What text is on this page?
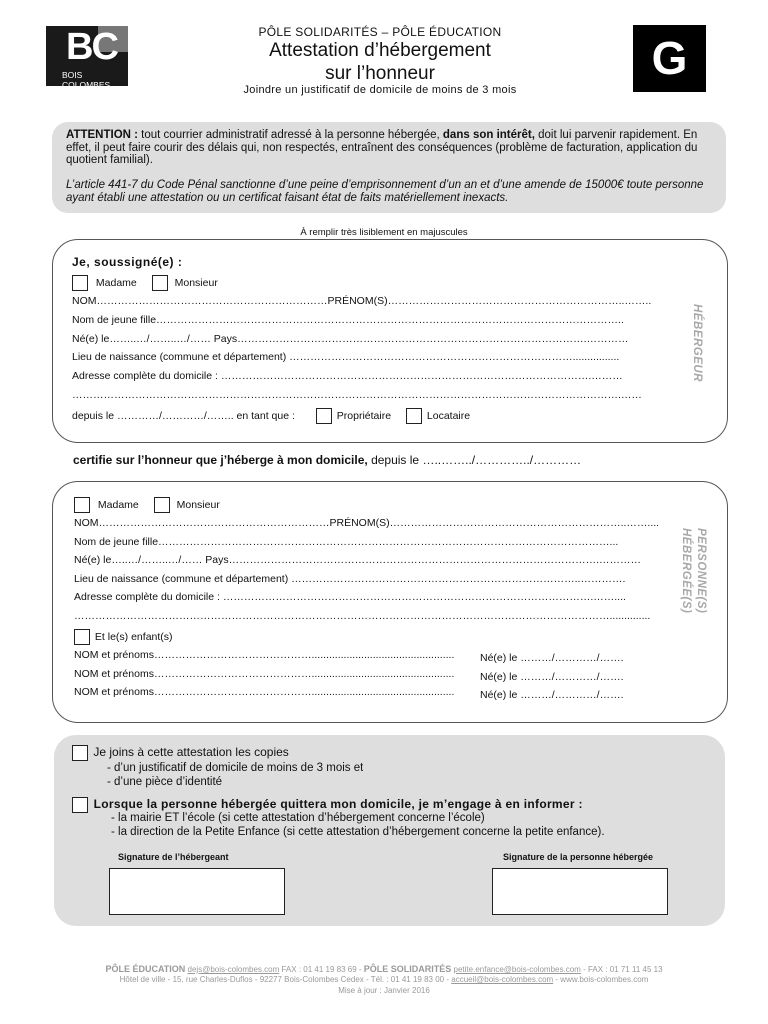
BC
BOIS COLOMBES
G
PÔLE SOLIDARITÉS – PÔLE ÉDUCATION
Attestation d’hébergement
sur l’honneur
Joindre un justificatif de domicile de moins de 3 mois

ATTENTION : tout courrier administratif adressé à la personne hébergée, dans son intérêt, doit lui parvenir rapidement. En effet, il peut faire courir des délais qui, non respectés, entraînent des conséquences (problème de facturation, application du quotient familial).

L’article 441-7 du Code Pénal sanctionne d’une peine d’emprisonnement d’un an et d’une amende de 15000€ toute personne ayant établi une attestation ou un certificat faisant état de faits matériellement inexacts.

À remplir très lisiblement en majuscules
Je, soussigné(e) :
Madame	Monsieur
NOM…………………………………………………………PRÉNOM(S)…………………………………………………………..……..
Nom de jeune fille……………………………………………………………………………………………………………………..
Né(e) le……..…/……..…/…… Pays……………………………………………………………………………………….…………
Lieu de naissance (commune et département) ………………………………………………………………………................
Adresse complète du domicile : …………………………………………………………………………………………….………
………………………………………………………………………………………………………………………………………….……
depuis le …………/…………/…….. en tant que :	Propriétaire	Locataire
HÉBERGEUR
certifie sur l’honneur que j’héberge à mon domicile, depuis le …..……../…………../…………
Madame	Monsieur
NOM…………………………………………………………PRÉNOM(S)…………………………………………………………..……....
Nom de jeune fille…………………………………………………………………………………………………………………...
Né(e) le…..…/……..…/…… Pays…………………………………………………………………………………………….…………
Lieu de naissance (commune et département) ………………………………………………………………………..………….
Adresse complète du domicile : …………………………………………………………………………………………….……....
………………………………………………………………………………………………………………………………………..............
Et le(s) enfant(s)
NOM et prénoms………………………………………................................................. Né(e) le ………/…………/…….
NOM et prénoms………………………………………................................................. Né(e) le ………/…………/…….
NOM et prénoms………………………………………................................................. Né(e) le ………/…………/…….
PERSONNE(S)
HÉBERGÉE(S)
Je joins à cette attestation les copies
- d’un justificatif de domicile de moins de 3 mois et
- d’une pièce d’identité
Lorsque la personne hébergée quittera mon domicile, je m’engage à en informer :
- la mairie ET l’école (si cette attestation d’hébergement concerne l’école)
- la direction de la Petite Enfance (si cette attestation d’hébergement concerne la petite enfance).
Signature de l’hébergeant	Signature de la personne hébergée
PÔLE ÉDUCATION dejs@bois-colombes.com FAX : 01 41 19 83 69 - PÔLE SOLIDARITÉS petite.enfance@bois-colombes.com - FAX : 01 71 11 45 13
Hôtel de ville - 15, rue Charles-Duflos - 92277 Bois-Colombes Cedex - Tél. : 01 41 19 83 00 - accueil@bois-colombes.com - www.bois-colombes.com
Mise à jour : Janvier 2016
